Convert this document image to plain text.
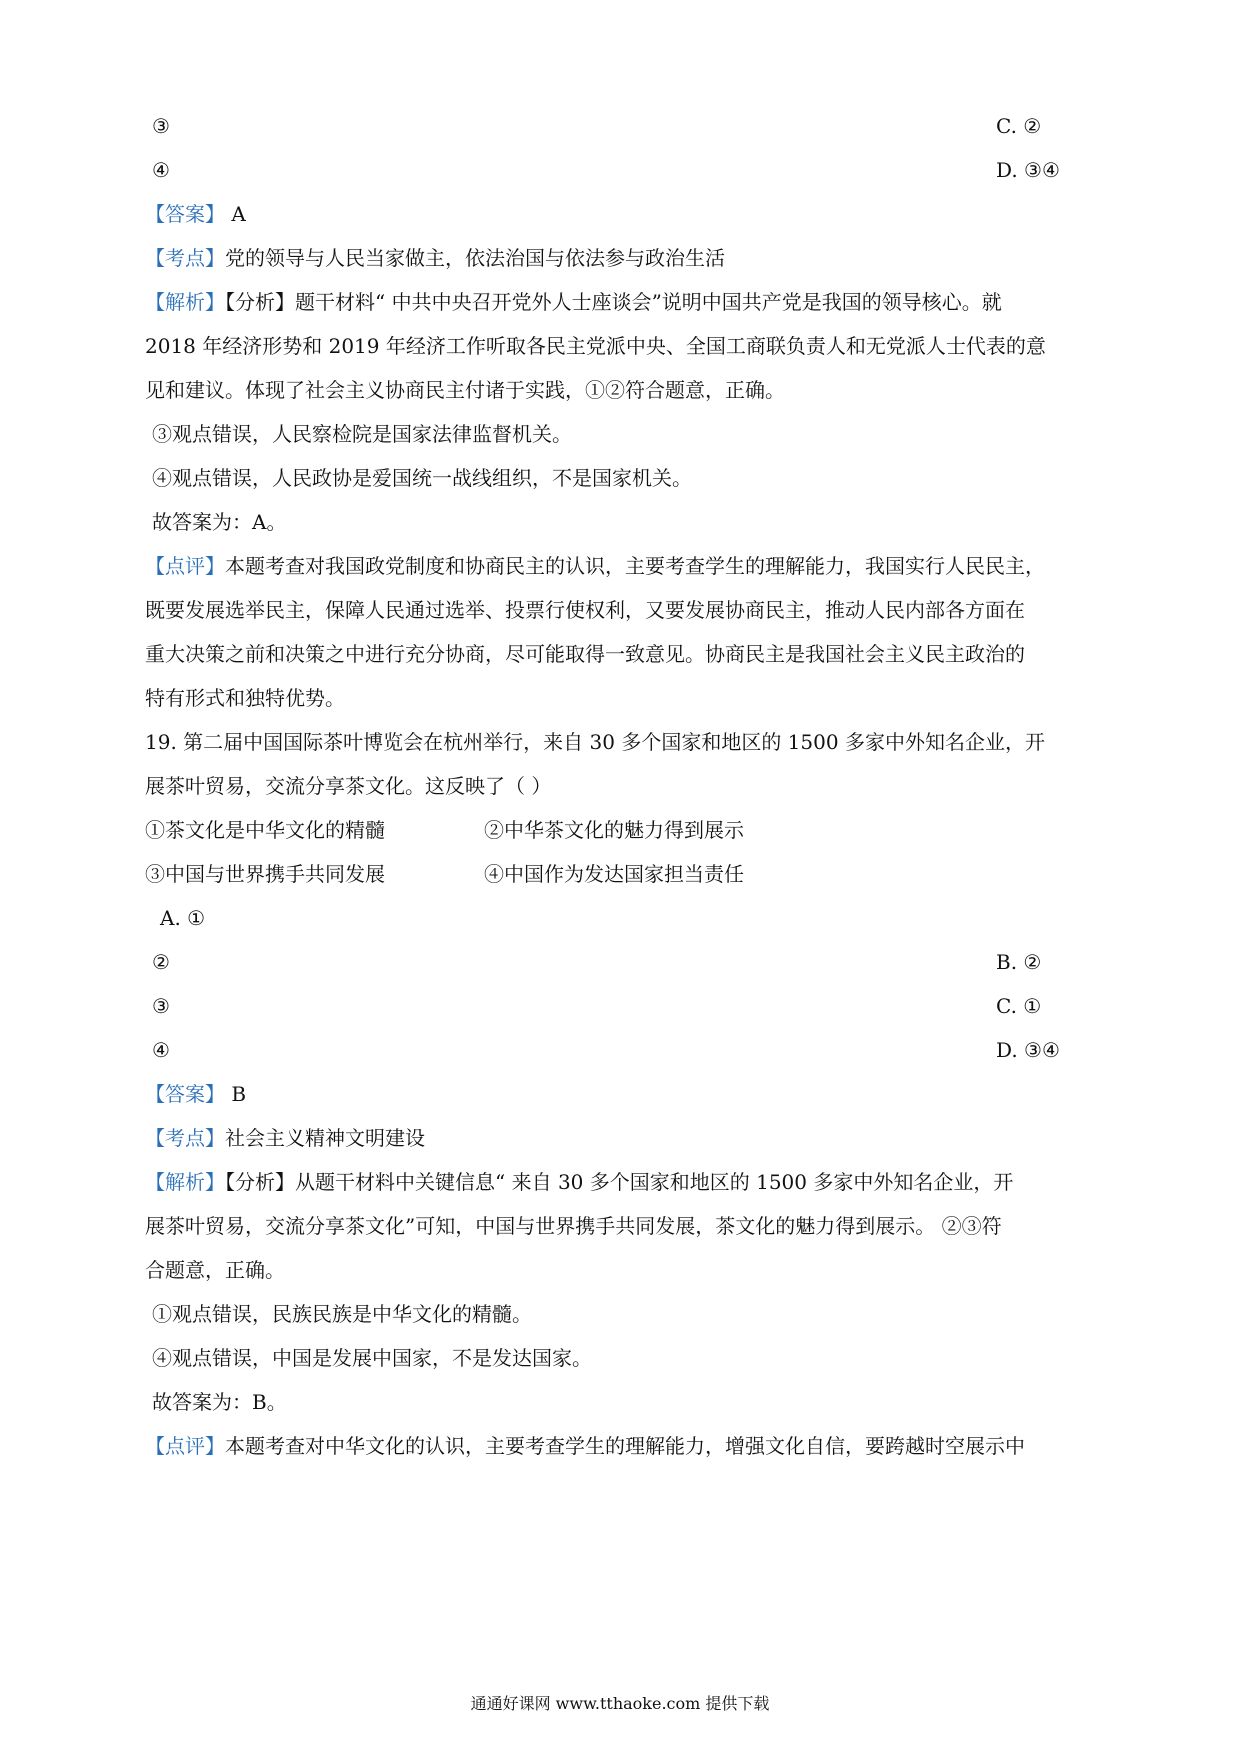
③	C. ②
④	D. ③④
【答案】 A
【考点】党的领导与人民当家做主，依法治国与依法参与政治生活
【解析】【分析】题干材料“ 中共中央召开党外人士座谈会”说明中国共产党是我国的领导核心。就
2018 年经济形势和 2019 年经济工作听取各民主党派中央、全国工商联负责人和无党派人士代表的意
见和建议。体现了社会主义协商民主付诸于实践，①②符合题意，正确。
③观点错误，人民察检院是国家法律监督机关。
④观点错误，人民政协是爱国统一战线组织，不是国家机关。
故答案为：A。
【点评】本题考查对我国政党制度和协商民主的认识，主要考查学生的理解能力，我国实行人民民主，
既要发展选举民主，保障人民通过选举、投票行使权利，又要发展协商民主，推动人民内部各方面在
重大决策之前和决策之中进行充分协商，尽可能取得一致意见。协商民主是我国社会主义民主政治的
特有形式和独特优势。
19. 第二届中国国际茶叶博览会在杭州举行，来自 30 多个国家和地区的 1500 多家中外知名企业，开
展茶叶贸易，交流分享茶文化。这反映了（ ）
①茶文化是中华文化的精髓	②中华茶文化的魅力得到展示
③中国与世界携手共同发展	④中国作为发达国家担当责任
A. ①
②	B. ②
③	C. ①
④	D. ③④
【答案】 B
【考点】社会主义精神文明建设
【解析】【分析】从题干材料中关键信息“ 来自 30 多个国家和地区的 1500 多家中外知名企业，开
展茶叶贸易，交流分享茶文化”可知，中国与世界携手共同发展，茶文化的魅力得到展示。 ②③符
合题意，正确。
①观点错误，民族民族是中华文化的精髓。
④观点错误，中国是发展中国家，不是发达国家。
故答案为：B。
【点评】本题考查对中华文化的认识，主要考查学生的理解能力，增强文化自信，要跨越时空展示中
通通好课网 www.tthaoke.com 提供下载
